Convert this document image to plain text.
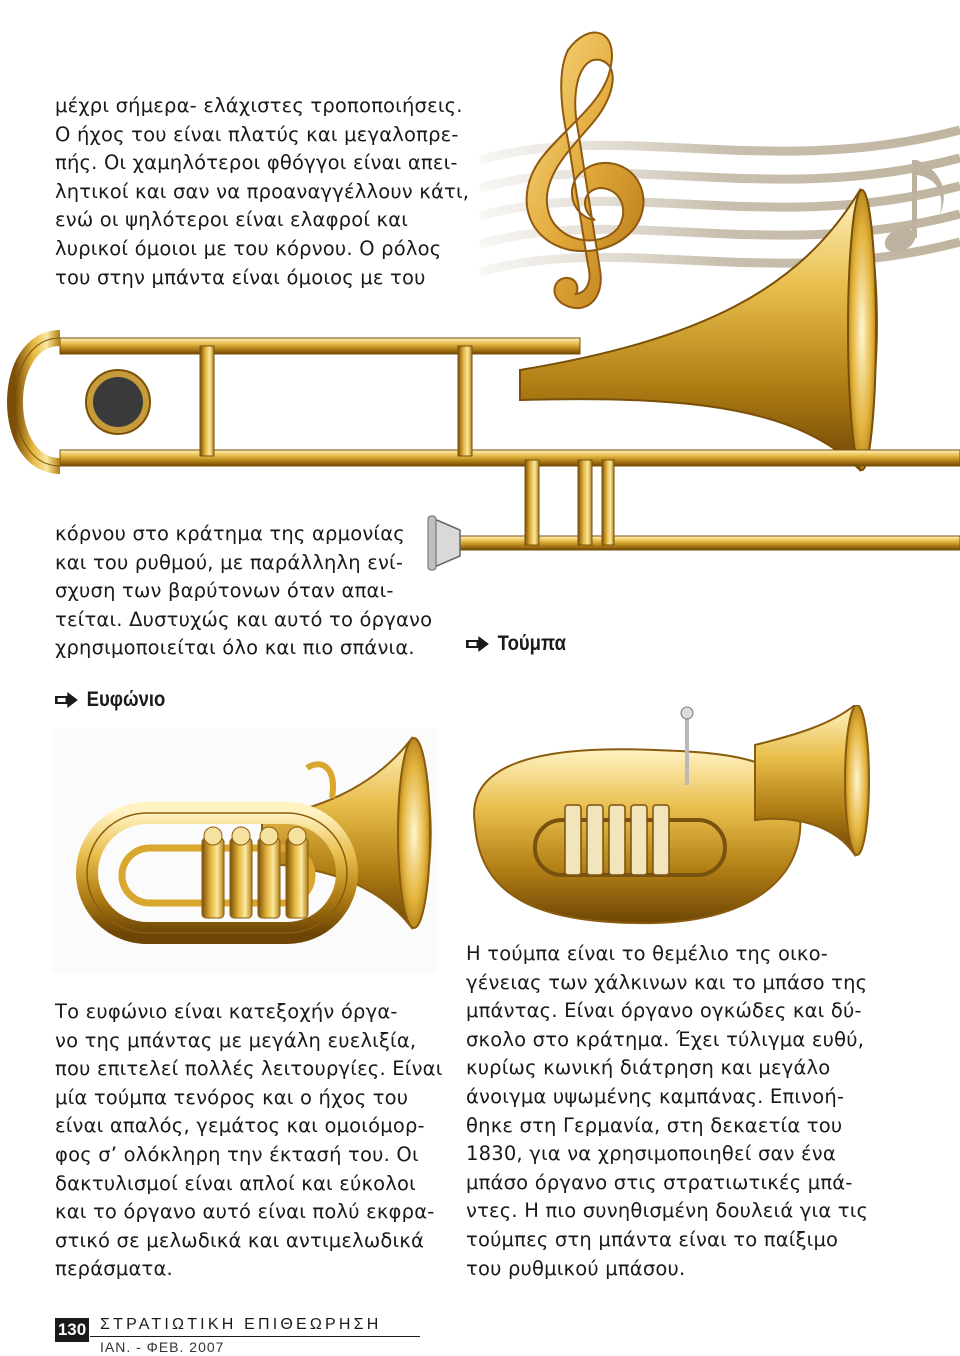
μέχρι σήμερα- ελάχιστες τροποποιήσεις.
Ο ήχος του είναι πλατύς και μεγαλοπρε-
πής. Οι χαμηλότεροι φθόγγοι είναι απει-
λητικοί και σαν να προαναγγέλλουν κάτι,
ενώ οι ψηλότεροι είναι ελαφροί και
λυρικοί όμοιοι με του κόρνου. Ο ρόλος
του στην μπάντα είναι όμοιος με του

κόρνου στο κράτημα της αρμονίας
και του ρυθμού, με παράλληλη ενί-
σχυση των βαρύτονων όταν απαι-
τείται. Δυστυχώς και αυτό το όργανο
χρησιμοποιείται όλο και πιο σπάνια.	Τούμπα
Ευφώνιο

Το ευφώνιο είναι κατεξοχήν όργα-
νο της μπάντας με μεγάλη ευελιξία,
που επιτελεί πολλές λειτουργίες. Είναι
μία τούμπα τενόρος και ο ήχος του
είναι απαλός, γεμάτος και ομοιόμορ-
φος σ’ ολόκληρη την έκτασή του. Οι
δακτυλισμοί είναι απλοί και εύκολοι
και το όργανο αυτό είναι πολύ εκφρα-
στικό σε μελωδικά και αντιμελωδικά
περάσματα.

Η τούμπα είναι το θεμέλιο της οικο-
γένειας των χάλκινων και το μπάσο της
μπάντας. Είναι όργανο ογκώδες και δύ-
σκολο στο κράτημα. Έχει τύλιγμα ευθύ,
κυρίως κωνική διάτρηση και μεγάλο
άνοιγμα υψωμένης καμπάνας. Επινοή-
θηκε στη Γερμανία, στη δεκαετία του
1830, για να χρησιμοποιηθεί σαν ένα
μπάσο όργανο στις στρατιωτικές μπά-
ντες. Η πιο συνηθισμένη δουλειά για τις
τούμπες στη μπάντα είναι το παίξιμο
του ρυθμικού μπάσου.

130 ΣΤΡΑΤΙΩΤΙΚΗ ΕΠΙΘΕΩΡΗΣΗ
ΙΑΝ. - ΦΕΒ. 2007
